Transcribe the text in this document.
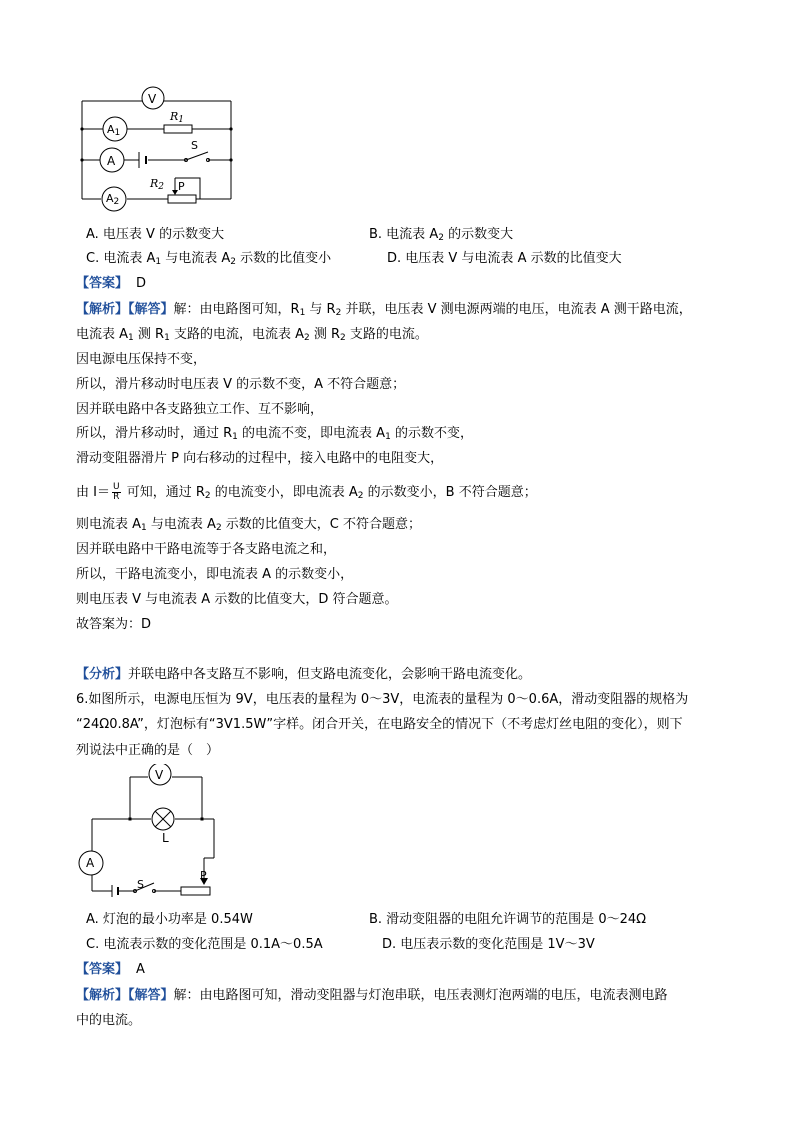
V
$A_1$
A
$A_2$
$R_1$
S
$R_2$ P
A. 电压表 V 的示数变大	B. 电流表 $A_2$ 的示数变大
C. 电流表 $A_1$ 与电流表 $A_2$ 示数的比值变小	D. 电压表 V 与电流表 A 示数的比值变大
【答案】 D
【解析】【解答】解：由电路图可知，$R_1$ 与 $R_2$ 并联，电压表 V 测电源两端的电压，电流表 A 测干路电流，
电流表 $A_1$ 测 $R_1$ 支路的电流，电流表 $A_2$ 测 $R_2$ 支路的电流。
因电源电压保持不变，
所以，滑片移动时电压表 V 的示数不变，A 不符合题意；
因并联电路中各支路独立工作、互不影响，
所以，滑片移动时，通过 $R_1$ 的电流不变，即电流表 $A_1$ 的示数不变，
滑动变阻器滑片 P 向右移动的过程中，接入电路中的电阻变大，
由 $I= \frac{U}{R}$ 可知，通过 $R_2$ 的电流变小，即电流表 $A_2$ 的示数变小，B 不符合题意；
则电流表 $A_1$ 与电流表 $A_2$ 示数的比值变大，C 不符合题意；
因并联电路中干路电流等于各支路电流之和，
所以，干路电流变小，即电流表 A 的示数变小，
则电压表 V 与电流表 A 示数的比值变大，D 符合题意。
故答案为：D
【分析】并联电路中各支路互不影响，但支路电流变化，会影响干路电流变化。
6.如图所示，电源电压恒为 9V，电压表的量程为 0～3V，电流表的量程为 0～0.6A，滑动变阻器的规格为
“24Ω0.8A”，灯泡标有“3V1.5W”字样。闭合开关，在电路安全的情况下（不考虑灯丝电阻的变化），则下
列说法中正确的是（　）
V
L
A
S
P
A. 灯泡的最小功率是 0.54W	B. 滑动变阻器的电阻允许调节的范围是 0～24Ω
C. 电流表示数的变化范围是 0.1A～0.5A	D. 电压表示数的变化范围是 1V～3V
【答案】 A
【解析】【解答】解：由电路图可知，滑动变阻器与灯泡串联，电压表测灯泡两端的电压，电流表测电路
中的电流。
